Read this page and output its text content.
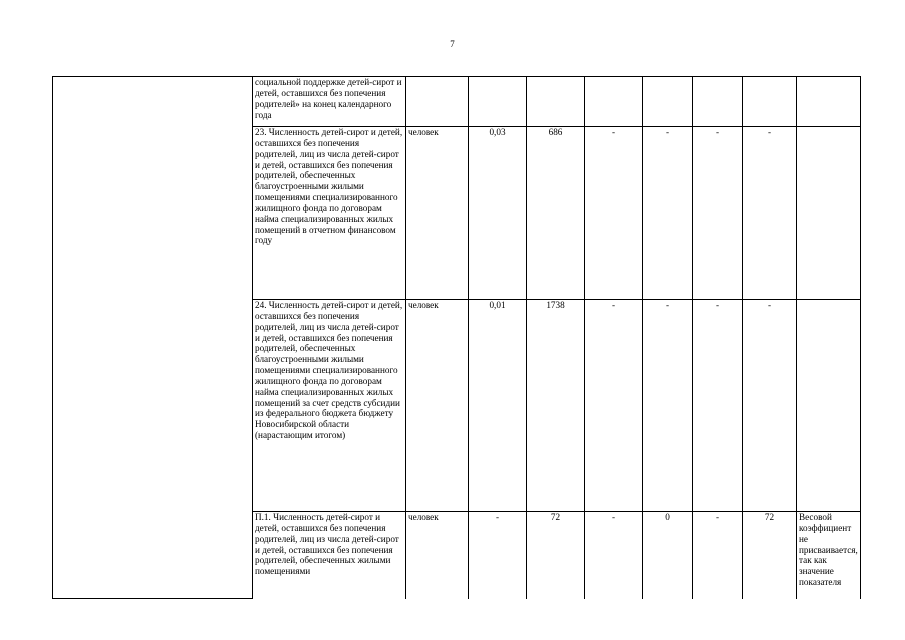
7

	социальной поддержке детей-сирот и детей, оставшихся без попечения родителей» на конец календарного года								

	23. Численность детей-сирот и детей, оставшихся без попечения родителей, лиц из числа детей-сирот и детей, оставшихся без попечения родителей, обеспеченных благоустроенными жилыми помещениями специализированного жилищного фонда по договорам найма специализированных жилых помещений в отчетном финансовом году	человек	0,03	686	-	-	-	-	

	24. Численность детей-сирот и детей, оставшихся без попечения родителей, лиц из числа детей-сирот и детей, оставшихся без попечения родителей, обеспеченных благоустроенными жилыми помещениями специализированного жилищного фонда по договорам найма специализированных жилых помещений за счет средств субсидии из федерального бюджета бюджету Новосибирской области (нарастающим итогом)	человек	0,01	1738	-	-	-	-	

	П.1. Численность детей-сирот и детей, оставшихся без попечения родителей, лиц из числа детей-сирот и детей, оставшихся без попечения родителей, обеспеченных жилыми помещениями	человек	-	72	-	0	-	72	Весовой коэффициент не присваивается, так как значение показателя
